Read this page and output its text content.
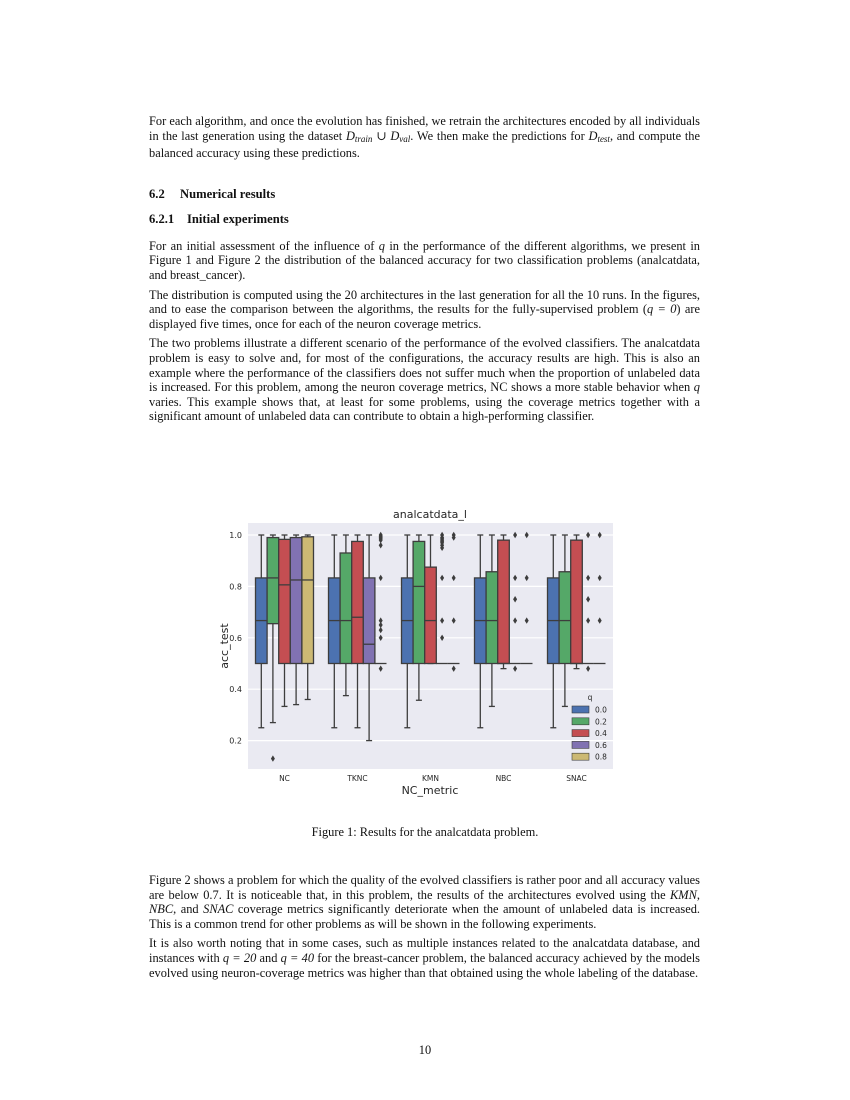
For each algorithm, and once the evolution has finished, we retrain the architectures encoded by all individuals in the last generation using the dataset $D_{train}$ ∪ $D_{val}$. We then make the predictions for $D_{test}$, and compute the balanced accuracy using these predictions.

6.2 Numerical results
6.2.1 Initial experiments

For an initial assessment of the influence of q in the performance of the different algorithms, we present in Figure 1 and Figure 2 the distribution of the balanced accuracy for two classification problems (analcatdata, and breast_cancer).

The distribution is computed using the 20 architectures in the last generation for all the 10 runs. In the figures, and to ease the comparison between the algorithms, the results for the fully-supervised problem (q = 0) are displayed five times, once for each of the neuron coverage metrics.

The two problems illustrate a different scenario of the performance of the evolved classifiers. The analcatdata problem is easy to solve and, for most of the configurations, the accuracy results are high. This is also an example where the performance of the classifiers does not suffer much when the proportion of unlabeled data is increased. For this problem, among the neuron coverage metrics, NC shows a more stable behavior when q varies. This example shows that, at least for some problems, using the coverage metrics together with a significant amount of unlabeled data can contribute to obtain a high-performing classifier.

0.2
0.4
0.6
0.8
1.0
NC	TKNC	KMN	NBC	SNAC
analcatdata_l
NC_metric
acc_test
q
0.0
0.2
0.4
0.6
0.8
Figure 1: Results for the analcatdata problem.

Figure 2 shows a problem for which the quality of the evolved classifiers is rather poor and all accuracy values are below 0.7. It is noticeable that, in this problem, the results of the architectures evolved using the KMN, NBC, and SNAC coverage metrics significantly deteriorate when the amount of unlabeled data is increased. This is a common trend for other problems as will be shown in the following experiments.

It is also worth noting that in some cases, such as multiple instances related to the analcatdata database, and instances with q = 20 and q = 40 for the breast-cancer problem, the balanced accuracy achieved by the models evolved using neuron-coverage metrics was higher than that obtained using the whole labeling of the database.

10
